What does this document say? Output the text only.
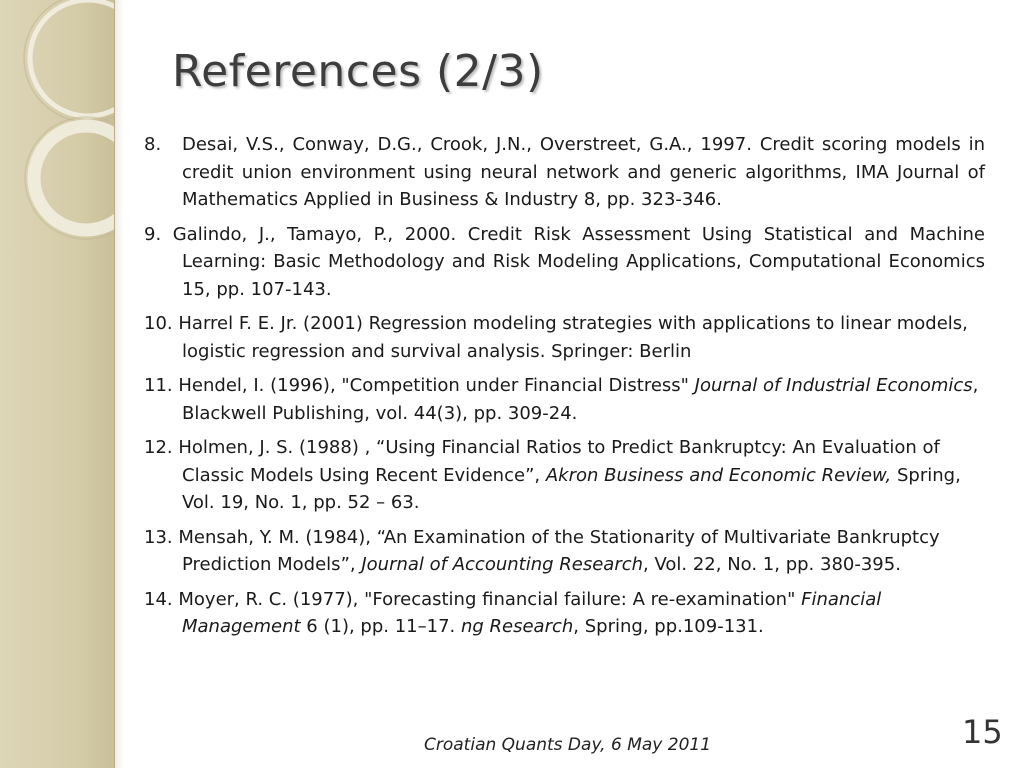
References (2/3)
8. Desai, V.S., Conway, D.G., Crook, J.N., Overstreet, G.A., 1997. Credit scoring models in credit union environment using neural network and generic algorithms, IMA Journal of Mathematics Applied in Business & Industry 8, pp. 323-346.
9. Galindo, J., Tamayo, P., 2000. Credit Risk Assessment Using Statistical and Machine Learning: Basic Methodology and Risk Modeling Applications, Computational Economics 15, pp. 107-143.
10. Harrel F. E. Jr. (2001) Regression modeling strategies with applications to linear models, logistic regression and survival analysis. Springer: Berlin
11. Hendel, I. (1996), "Competition under Financial Distress" Journal of Industrial Economics, Blackwell Publishing, vol. 44(3), pp. 309-24.
12. Holmen, J. S. (1988) , “Using Financial Ratios to Predict Bankruptcy: An Evaluation of Classic Models Using Recent Evidence”, Akron Business and Economic Review, Spring, Vol. 19, No. 1, pp. 52 – 63.
13. Mensah, Y. M. (1984), “An Examination of the Stationarity of Multivariate Bankruptcy Prediction Models”, Journal of Accounting Research, Vol. 22, No. 1, pp. 380-395.
14. Moyer, R. C. (1977), "Forecasting financial failure: A re-examination" Financial Management 6 (1), pp. 11–17. ng Research, Spring, pp.109-131.
Croatian Quants Day, 6 May 2011	15
